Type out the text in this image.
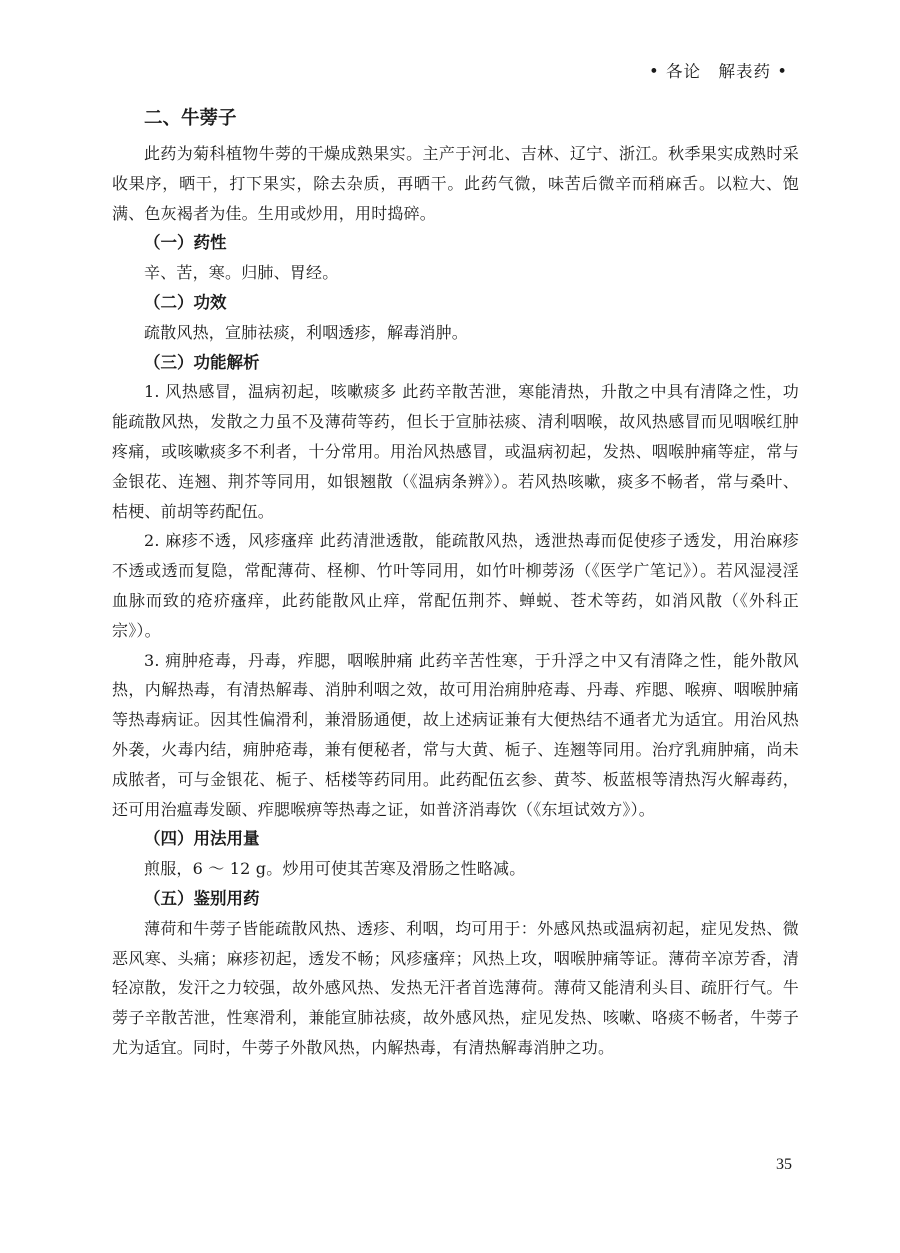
• 各论　解表药 •
二、牛蒡子

此药为菊科植物牛蒡的干燥成熟果实。主产于河北、吉林、辽宁、浙江。秋季果实成熟时采收果序，晒干，打下果实，除去杂质，再晒干。此药气微，味苦后微辛而稍麻舌。以粒大、饱满、色灰褐者为佳。生用或炒用，用时捣碎。

（一）药性

辛、苦，寒。归肺、胃经。

（二）功效

疏散风热，宣肺祛痰，利咽透疹，解毒消肿。

（三）功能解析

1. 风热感冒，温病初起，咳嗽痰多 此药辛散苦泄，寒能清热，升散之中具有清降之性，功能疏散风热，发散之力虽不及薄荷等药，但长于宣肺祛痰、清利咽喉，故风热感冒而见咽喉红肿疼痛，或咳嗽痰多不利者，十分常用。用治风热感冒，或温病初起，发热、咽喉肿痛等症，常与金银花、连翘、荆芥等同用，如银翘散（《温病条辨》）。若风热咳嗽，痰多不畅者，常与桑叶、桔梗、前胡等药配伍。

2. 麻疹不透，风疹瘙痒 此药清泄透散，能疏散风热，透泄热毒而促使疹子透发，用治麻疹不透或透而复隐，常配薄荷、柽柳、竹叶等同用，如竹叶柳蒡汤（《医学广笔记》）。若风湿浸淫血脉而致的疮疥瘙痒，此药能散风止痒，常配伍荆芥、蝉蜕、苍术等药，如消风散（《外科正宗》）。

3. 痈肿疮毒，丹毒，痄腮，咽喉肿痛 此药辛苦性寒，于升浮之中又有清降之性，能外散风热，内解热毒，有清热解毒、消肿利咽之效，故可用治痈肿疮毒、丹毒、痄腮、喉痹、咽喉肿痛等热毒病证。因其性偏滑利，兼滑肠通便，故上述病证兼有大便热结不通者尤为适宜。用治风热外袭，火毒内结，痈肿疮毒，兼有便秘者，常与大黄、栀子、连翘等同用。治疗乳痈肿痛，尚未成脓者，可与金银花、栀子、栝楼等药同用。此药配伍玄参、黄芩、板蓝根等清热泻火解毒药，还可用治瘟毒发颐、痄腮喉痹等热毒之证，如普济消毒饮（《东垣试效方》）。

（四）用法用量

煎服，6 ～ 12 g。炒用可使其苦寒及滑肠之性略减。

（五）鉴别用药

薄荷和牛蒡子皆能疏散风热、透疹、利咽，均可用于：外感风热或温病初起，症见发热、微恶风寒、头痛；麻疹初起，透发不畅；风疹瘙痒；风热上攻，咽喉肿痛等证。薄荷辛凉芳香，清轻凉散，发汗之力较强，故外感风热、发热无汗者首选薄荷。薄荷又能清利头目、疏肝行气。牛蒡子辛散苦泄，性寒滑利，兼能宣肺祛痰，故外感风热，症见发热、咳嗽、咯痰不畅者，牛蒡子尤为适宜。同时，牛蒡子外散风热，内解热毒，有清热解毒消肿之功。

35
